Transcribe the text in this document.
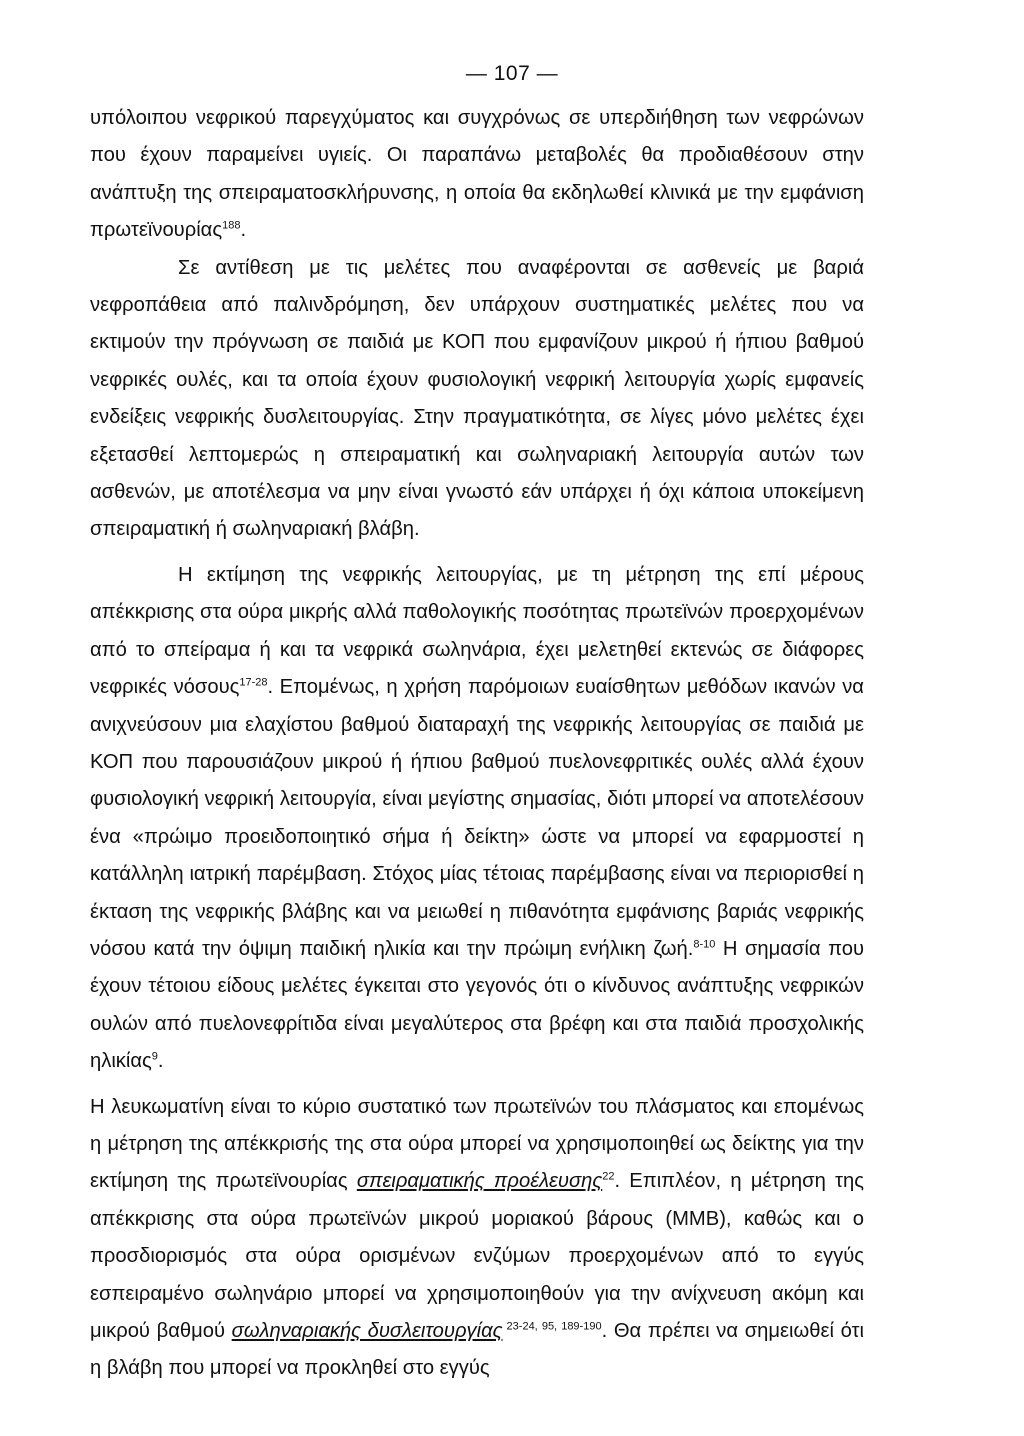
— 107 —

υπόλοιπου νεφρικού παρεγχύματος και συγχρόνως σε υπερδιήθηση των νεφρώνων που έχουν παραμείνει υγιείς. Οι παραπάνω μεταβολές θα προδιαθέσουν στην ανάπτυξη της σπειραματοσκλήρυνσης, η οποία θα εκδηλωθεί κλινικά με την εμφάνιση πρωτεϊνουρίας$^{188}$.

Σε αντίθεση με τις μελέτες που αναφέρονται σε ασθενείς με βαριά νεφροπάθεια από παλινδρόμηση, δεν υπάρχουν συστηματικές μελέτες που να εκτιμούν την πρόγνωση σε παιδιά με ΚΟΠ που εμφανίζουν μικρού ή ήπιου βαθμού νεφρικές ουλές, και τα οποία έχουν φυσιολογική νεφρική λειτουργία χωρίς εμφανείς ενδείξεις νεφρικής δυσλειτουργίας. Στην πραγματικότητα, σε λίγες μόνο μελέτες έχει εξετασθεί λεπτομερώς η σπειραματική και σωληναριακή λειτουργία αυτών των ασθενών, με αποτέλεσμα να μην είναι γνωστό εάν υπάρχει ή όχι κάποια υποκείμενη σπειραματική ή σωληναριακή βλάβη.

Η εκτίμηση της νεφρικής λειτουργίας, με τη μέτρηση της επί μέρους απέκκρισης στα ούρα μικρής αλλά παθολογικής ποσότητας πρωτεϊνών προερχομένων από το σπείραμα ή και τα νεφρικά σωληνάρια, έχει μελετηθεί εκτενώς σε διάφορες νεφρικές νόσους$^{17-28}$. Επομένως, η χρήση παρόμοιων ευαίσθητων μεθόδων ικανών να ανιχνεύσουν μια ελαχίστου βαθμού διαταραχή της νεφρικής λειτουργίας σε παιδιά με ΚΟΠ που παρουσιάζουν μικρού ή ήπιου βαθμού πυελονεφριτικές ουλές αλλά έχουν φυσιολογική νεφρική λειτουργία, είναι μεγίστης σημασίας, διότι μπορεί να αποτελέσουν ένα «πρώιμο προειδοποιητικό σήμα ή δείκτη» ώστε να μπορεί να εφαρμοστεί η κατάλληλη ιατρική παρέμβαση. Στόχος μίας τέτοιας παρέμβασης είναι να περιορισθεί η έκταση της νεφρικής βλάβης και να μειωθεί η πιθανότητα εμφάνισης βαριάς νεφρικής νόσου κατά την όψιμη παιδική ηλικία και την πρώιμη ενήλικη ζωή.$^{8-10}$ Η σημασία που έχουν τέτοιου είδους μελέτες έγκειται στο γεγονός ότι ο κίνδυνος ανάπτυξης νεφρικών ουλών από πυελονεφρίτιδα είναι μεγαλύτερος στα βρέφη και στα παιδιά προσχολικής ηλικίας$^9$.

Η λευκωματίνη είναι το κύριο συστατικό των πρωτεϊνών του πλάσματος και επομένως η μέτρηση της απέκκρισής της στα ούρα μπορεί να χρησιμοποιηθεί ως δείκτης για την εκτίμηση της πρωτεϊνουρίας σπειραματικής προέλευσης$^{22}$. Επιπλέον, η μέτρηση της απέκκρισης στα ούρα πρωτεϊνών μικρού μοριακού βάρους (ΜΜΒ), καθώς και ο προσδιορισμός στα ούρα ορισμένων ενζύμων προερχομένων από το εγγύς εσπειραμένο σωληνάριο μπορεί να χρησιμοποιηθούν για την ανίχνευση ακόμη και μικρού βαθμού σωληναριακής δυσλειτουργίας $^{23-24, 95, 189-190}$. Θα πρέπει να σημειωθεί ότι η βλάβη που μπορεί να προκληθεί στο εγγύς
